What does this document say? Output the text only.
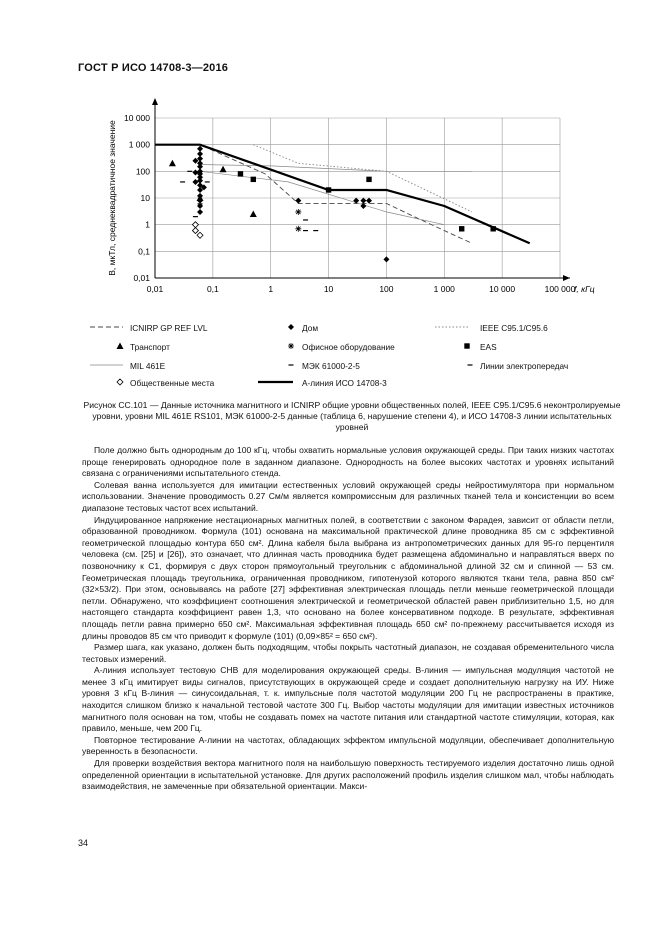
ГОСТ Р ИСО 14708-3—2016
0,01	0,1	1	10	100	1 000	10 000	100 000
0,01
0,1
1
10
100
1 000
10 000
f, кГц
B, мкТл, среднеквадратичное значение
ICNIRP GP REF LVL	Дом	IEEE C95.1/C95.6
Транспорт	Офисное оборудование	EAS
MIL 461E	МЭК 61000-2-5	Линии электропередач
Общественные места	А-линия ИСО 14708-3
Рисунок CC.101 — Данные источника магнитного и ICNIRP общие уровни общественных полей, IEEE C95.1/C95.6 неконтролируемые уровни, уровни MIL 461E RS101, МЭК 61000-2-5 данные (таблица 6, нарушение степени 4), и ИСО 14708-3 линии испытательных уровней

Поле должно быть однородным до 100 кГц, чтобы охватить нормальные условия окружающей среды. При таких низких частотах проще генерировать однородное поле в заданном диапазоне. Однородность на более высоких частотах и уровнях испытаний связана с ограничениями испытательного стенда.

Солевая ванна используется для имитации естественных условий окружающей среды нейростимулятора при нормальном использовании. Значение проводимость 0.27 См/м является компромиссным для различных тканей тела и консистенции во всем диапазоне тестовых частот всех испытаний.

Индуцированное напряжение нестационарных магнитных полей, в соответствии с законом Фарадея, зависит от области петли, образованной проводником. Формула (101) основана на максимальной практической длине проводника 85 см с эффективной геометрической площадью контура 650 см². Длина кабеля была выбрана из антропометрических данных для 95-го перцентиля человека (см. [25] и [26]), это означает, что длинная часть проводника будет размещена абдоминально и направляться вверх по позвоночнику к C1, формируя с двух сторон прямоугольный треугольник с абдоминальной длиной 32 см и спинной — 53 см. Геометрическая площадь треугольника, ограниченная проводником, гипотенузой которого являются ткани тела, равна 850 см² (32×53/2). При этом, основываясь на работе [27] эффективная электрическая площадь петли меньше геометрической площади петли. Обнаружено, что коэффициент соотношения электрической и геометрической областей равен приблизительно 1,5, но для настоящего стандарта коэффициент равен 1,3, что основано на более консервативном подходе. В результате, эффективная площадь петли равна примерно 650 см². Максимальная эффективная площадь 650 см² по-прежнему рассчитывается исходя из длины проводов 85 см что приводит к формуле (101) (0,09×85² = 650 см²).

Размер шага, как указано, должен быть подходящим, чтобы покрыть частотный диапазон, не создавая обременительного числа тестовых измерений.

А-линия использует тестовую СНВ для моделирования окружающей среды. В-линия — импульсная модуляция частотой не менее 3 кГц имитирует виды сигналов, присутствующих в окружающей среде и создает дополнительную нагрузку на ИУ. Ниже уровня 3 кГц В-линия — синусоидальная, т. к. импульсные поля частотой модуляции 200 Гц не распространены в практике, находится слишком близко к начальной тестовой частоте 300 Гц. Выбор частоты модуляции для имитации известных источников магнитного поля основан на том, чтобы не создавать помех на частоте питания или стандартной частоте стимуляции, которая, как правило, меньше, чем 200 Гц.

Повторное тестирование А-линии на частотах, обладающих эффектом импульсной модуляции, обеспечивает дополнительную уверенность в безопасности.

Для проверки воздействия вектора магнитного поля на наибольшую поверхность тестируемого изделия достаточно лишь одной определенной ориентации в испытательной установке. Для других расположений профиль изделия слишком мал, чтобы наблюдать взаимодействия, не замеченные при обязательной ориентации. Макси-

34
